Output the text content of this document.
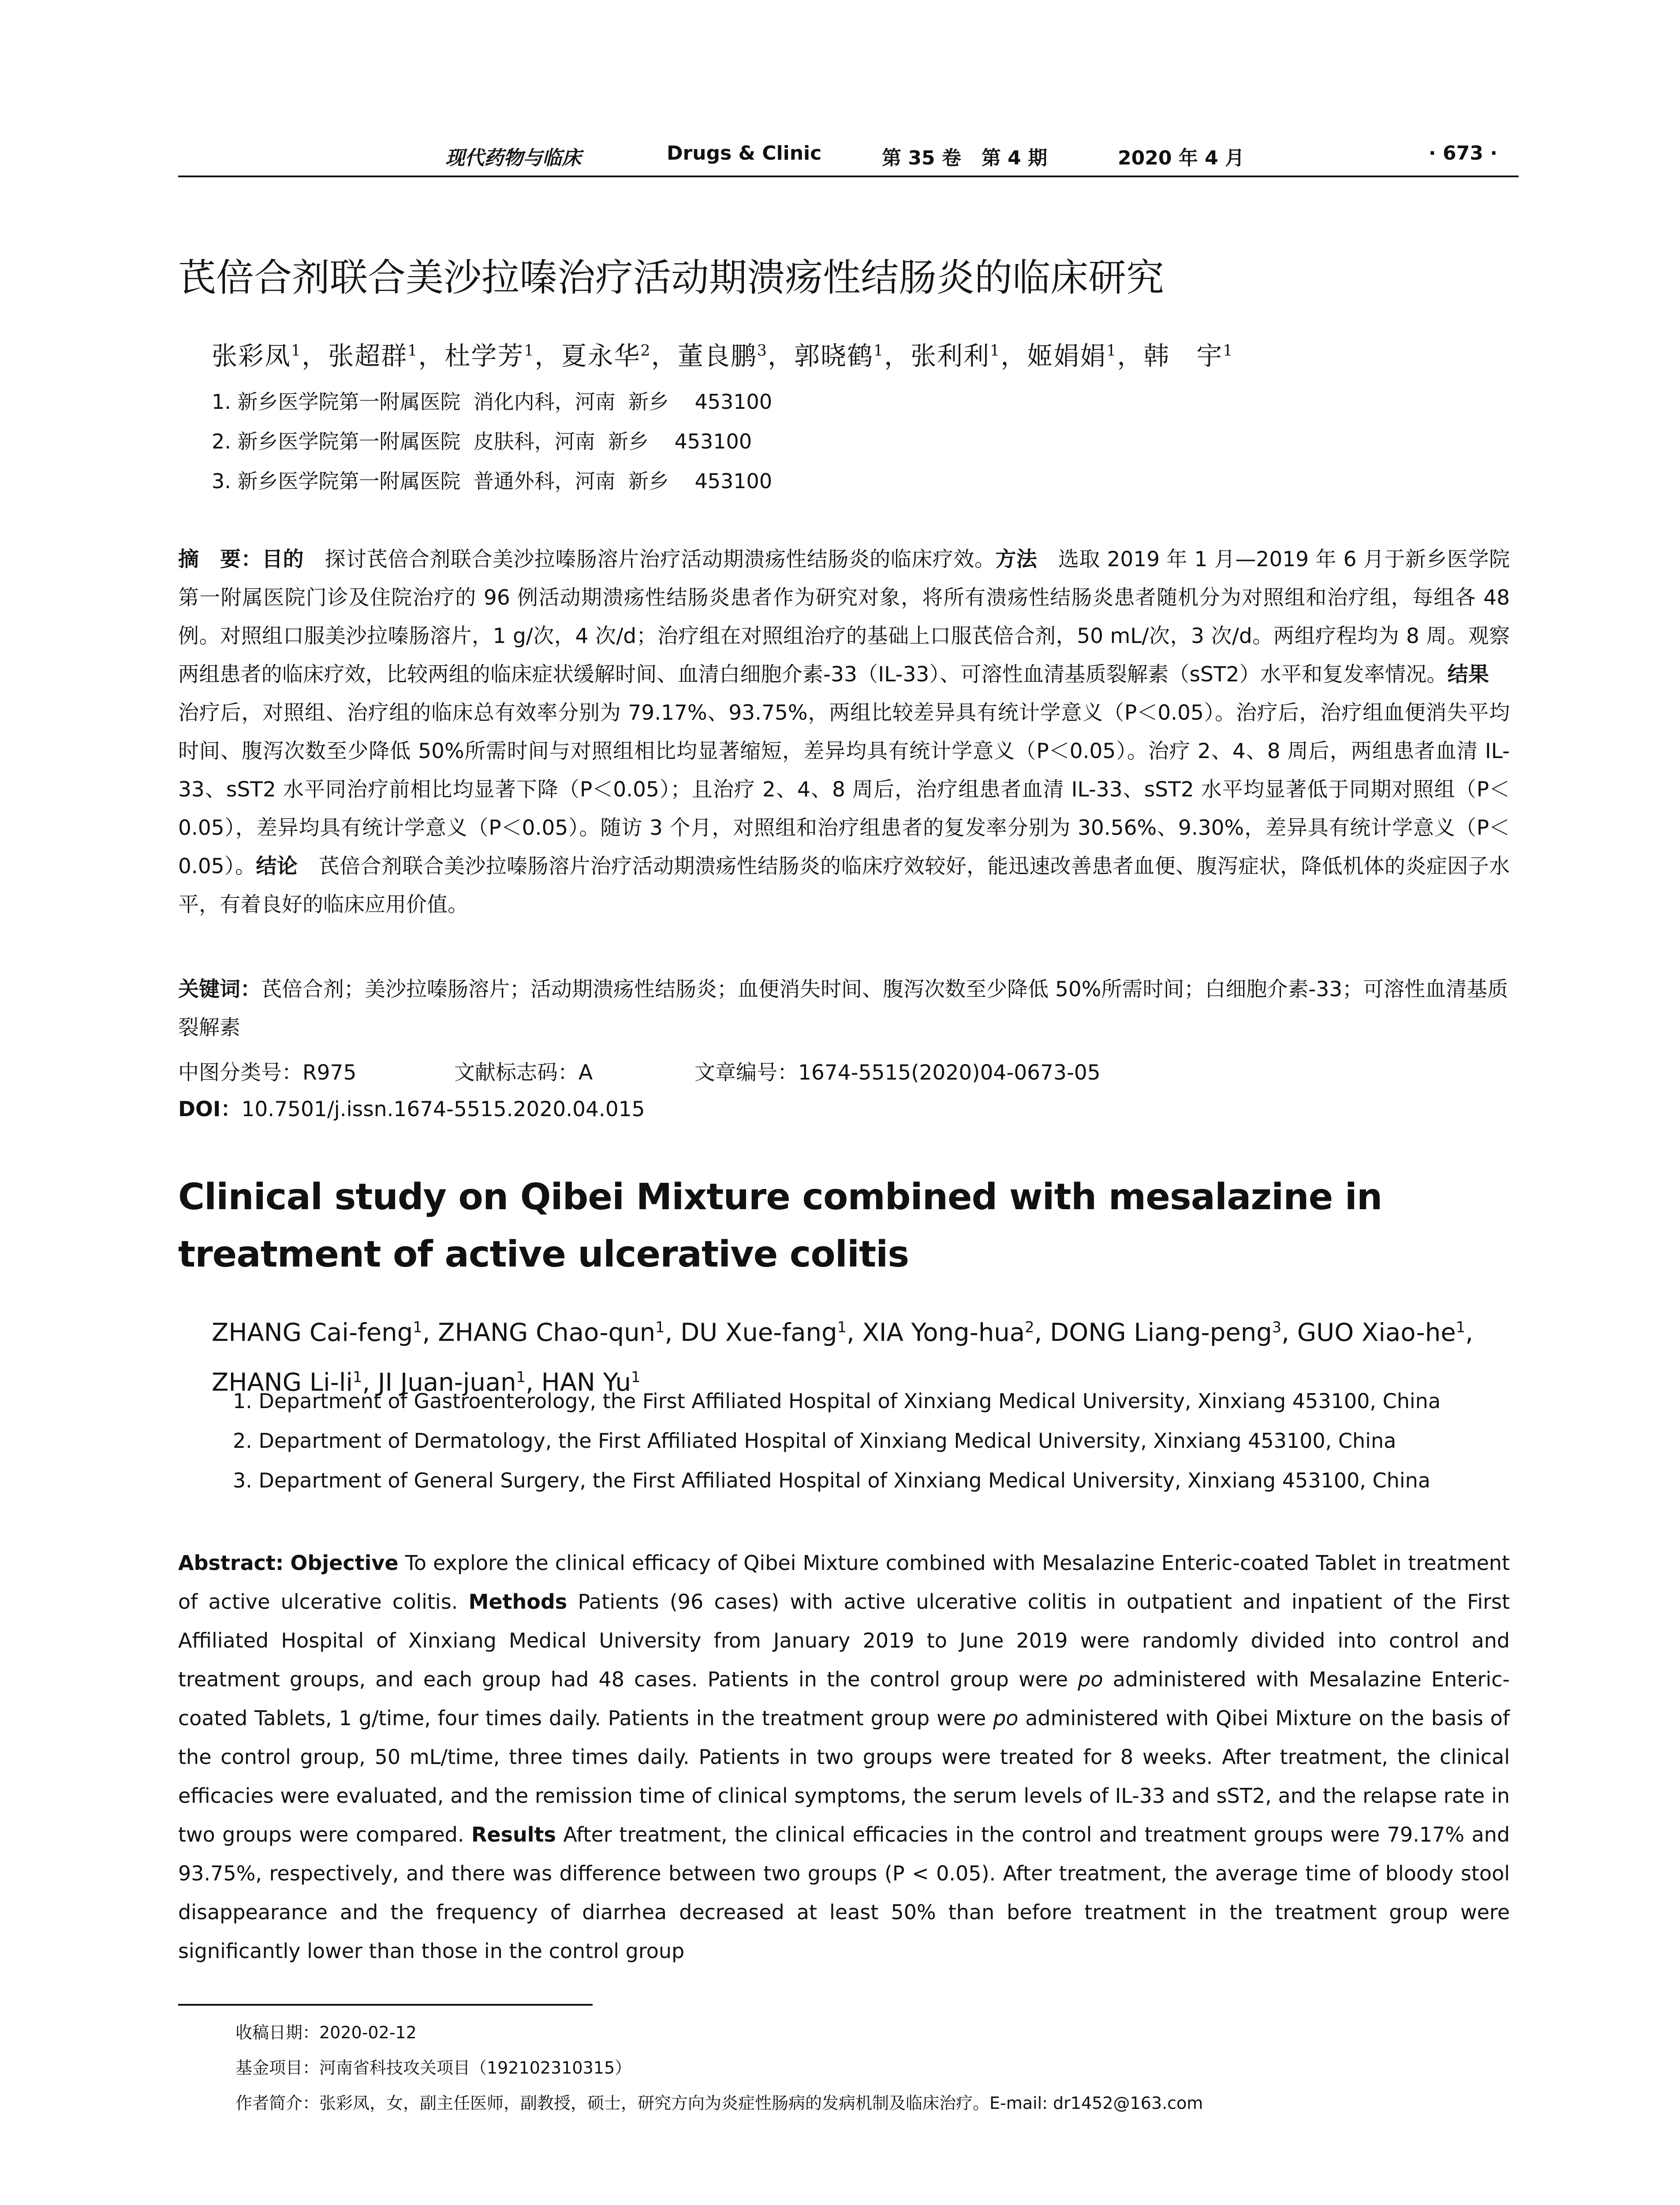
现代药物与临床	Drugs & Clinic	第 35 卷   第 4 期	2020 年 4 月	· 673 ·
芪倍合剂联合美沙拉嗪治疗活动期溃疡性结肠炎的临床研究
张彩凤$^1$，张超群$^1$，杜学芳$^1$，夏永华$^2$，董良鹏$^3$，郭晓鹤$^1$，张利利$^1$，姬娟娟$^1$，韩　宇$^1$
1. 新乡医学院第一附属医院  消化内科，河南  新乡    453100
2. 新乡医学院第一附属医院  皮肤科，河南  新乡    453100
3. 新乡医学院第一附属医院  普通外科，河南  新乡    453100
摘　要：目的　探讨芪倍合剂联合美沙拉嗪肠溶片治疗活动期溃疡性结肠炎的临床疗效。方法　选取 2019 年 1 月—2019 年 6 月于新乡医学院第一附属医院门诊及住院治疗的 96 例活动期溃疡性结肠炎患者作为研究对象，将所有溃疡性结肠炎患者随机分为对照组和治疗组，每组各 48 例。对照组口服美沙拉嗪肠溶片，1 g/次，4 次/d；治疗组在对照组治疗的基础上口服芪倍合剂，50 mL/次，3 次/d。两组疗程均为 8 周。观察两组患者的临床疗效，比较两组的临床症状缓解时间、血清白细胞介素-33（IL-33）、可溶性血清基质裂解素（sST2）水平和复发率情况。结果　治疗后，对照组、治疗组的临床总有效率分别为 79.17%、93.75%，两组比较差异具有统计学意义（P＜0.05）。治疗后，治疗组血便消失平均时间、腹泻次数至少降低 50%所需时间与对照组相比均显著缩短，差异均具有统计学意义（P＜0.05）。治疗 2、4、8 周后，两组患者血清 IL-33、sST2 水平同治疗前相比均显著下降（P＜0.05）；且治疗 2、4、8 周后，治疗组患者血清 IL-33、sST2 水平均显著低于同期对照组（P＜0.05），差异均具有统计学意义（P＜0.05）。随访 3 个月，对照组和治疗组患者的复发率分别为 30.56%、9.30%，差异具有统计学意义（P＜0.05）。结论　芪倍合剂联合美沙拉嗪肠溶片治疗活动期溃疡性结肠炎的临床疗效较好，能迅速改善患者血便、腹泻症状，降低机体的炎症因子水平，有着良好的临床应用价值。
关键词：芪倍合剂；美沙拉嗪肠溶片；活动期溃疡性结肠炎；血便消失时间、腹泻次数至少降低 50%所需时间；白细胞介素-33；可溶性血清基质裂解素
中图分类号：R975	文献标志码：A	文章编号：1674-5515(2020)04-0673-05
DOI：10.7501/j.issn.1674-5515.2020.04.015
Clinical study on Qibei Mixture combined with mesalazine in treatment of active ulcerative colitis
ZHANG Cai-feng$^1$, ZHANG Chao-qun$^1$, DU Xue-fang$^1$, XIA Yong-hua$^2$, DONG Liang-peng$^3$, GUO Xiao-$he^1$, ZHANG $Li-li^1$, JI Juan-juan$^1$, HAN Yu$^1$
1. Department of Gastroenterology, the First Affiliated Hospital of Xinxiang Medical University, Xinxiang 453100, China
2. Department of Dermatology, the First Affiliated Hospital of Xinxiang Medical University, Xinxiang 453100, China
3. Department of General Surgery, the First Affiliated Hospital of Xinxiang Medical University, Xinxiang 453100, China
Abstract: Objective To explore the clinical efficacy of Qibei Mixture combined with Mesalazine Enteric-coated Tablet in treatment of active ulcerative colitis. Methods Patients (96 cases) with active ulcerative colitis in outpatient and inpatient of the First Affiliated Hospital of Xinxiang Medical University from January 2019 to June 2019 were randomly divided into control and treatment groups, and each group had 48 cases. Patients in the control group were po administered with Mesalazine Enteric-coated Tablets, 1 g/time, four times daily. Patients in the treatment group were po administered with Qibei Mixture on the basis of the control group, 50 mL/time, three times daily. Patients in two groups were treated for 8 weeks. After treatment, the clinical efficacies were evaluated, and the remission time of clinical symptoms, the serum levels of IL-33 and sST2, and the relapse rate in two groups were compared. Results After treatment, the clinical efficacies in the control and treatment groups were 79.17% and 93.75%, respectively, and there was difference between two groups (P < 0.05). After treatment, the average time of bloody stool disappearance and the frequency of diarrhea decreased at least 50% than before treatment in the treatment group were significantly lower than those in the control group
收稿日期：2020-02-12
基金项目：河南省科技攻关项目（192102310315）
作者简介：张彩凤，女，副主任医师，副教授，硕士，研究方向为炎症性肠病的发病机制及临床治疗。E-mail: dr1452@163.com
